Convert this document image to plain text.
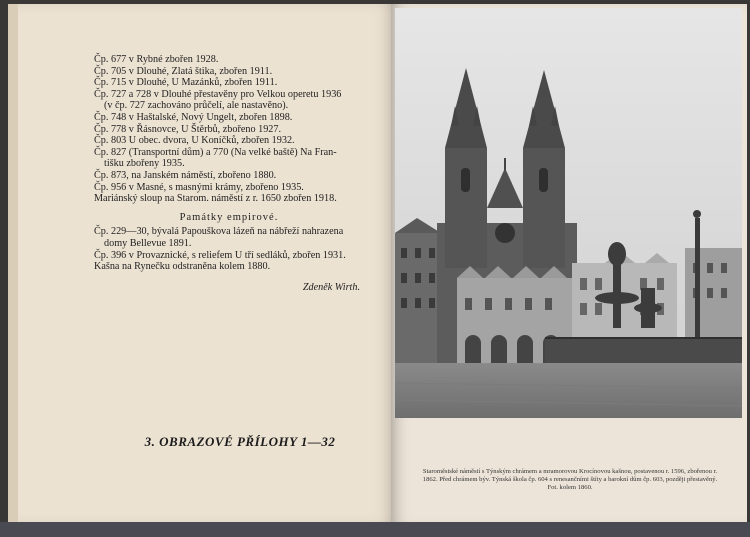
Čp. 677 v Rybné zbořen 1928.
Čp. 705 v Dlouhé, Zlatá štika, zbořen 1911.
Čp. 715 v Dlouhé, U Mazánků, zbořen 1911.
Čp. 727 a 728 v Dlouhé přestavěny pro Velkou operetu 1936
(v čp. 727 zachováno průčelí, ale nastavěno).
Čp. 748 v Haštalské, Nový Ungelt, zbořen 1898.
Čp. 778 v Řásnovce, U Štěrbů, zbořeno 1927.
Čp. 803 U obec. dvora, U Koníčků, zbořen 1932.
Čp. 827 (Transportní dům) a 770 (Na velké baště) Na Fran-
tišku zbořeny 1935.
Čp. 873, na Janském náměstí, zbořeno 1880.
Čp. 956 v Masné, s masnými krámy, zbořeno 1935.
Mariánský sloup na Starom. náměstí z r. 1650 zbořen 1918.
Památky empirové.
Čp. 229—30, bývalá Papouškova lázeň na nábřeží nahrazena
domy Bellevue 1891.
Čp. 396 v Provaznické, s reliefem U tří sedláků, zbořen 1931.
Kašna na Rynečku odstraněna kolem 1880.
Zdeněk Wirth.
3. OBRAZOVÉ PŘÍLOHY 1—32
Staroměstské náměstí s Týnským chrámem a mramorovou Krocínovou kašnou, postavenou r. 1596, zbořenou r.
1862. Před chrámem býv. Týnská škola čp. 604 s renesančními štíty a barokní dům čp. 603, později přestavěný.
Fot. kolem 1860.
